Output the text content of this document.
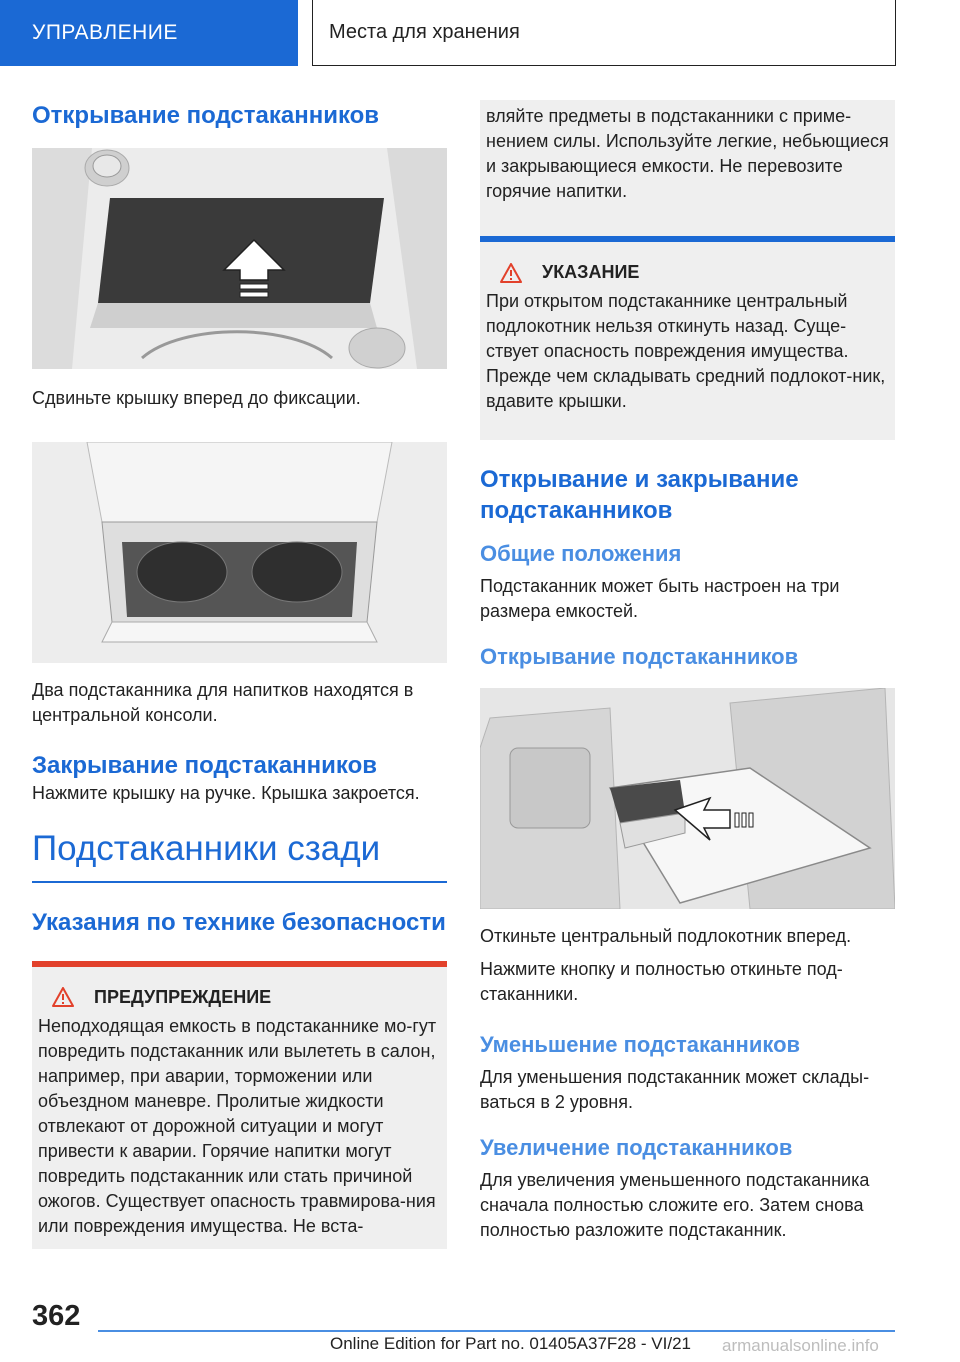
УПРАВЛЕНИЕ	Места для хранения
Открывание подстаканников

Сдвиньте крышку вперед до фиксации.

Два подстаканника для напитков находятся в центральной консоли.

Закрывание подстаканников

Нажмите крышку на ручке. Крышка закроется.

Подстаканники сзади
Указания по технике безопасности
ПРЕДУПРЕЖДЕНИЕ

Неподходящая емкость в подстаканнике мо-гут повредить подстаканник или вылететь в салон, например, при аварии, торможении или объездном маневре. Пролитые жидкости отвлекают от дорожной ситуации и могут привести к аварии. Горячие напитки могут повредить подстаканник или стать причиной ожогов. Существует опасность травмирова-ния или повреждения имущества. Не вста-

вляйте предметы в подстаканники с приме-нением силы. Используйте легкие, небьющиеся и закрывающиеся емкости. Не перевозите горячие напитки.

УКАЗАНИЕ

При открытом подстаканнике центральный подлокотник нельзя откинуть назад. Суще-ствует опасность повреждения имущества. Прежде чем складывать средний подлокот-ник, вдавите крышки.

Открывание и закрывание подстаканников
Общие положения

Подстаканник может быть настроен на три размера емкостей.

Открывание подстаканников

Откиньте центральный подлокотник вперед.

Нажмите кнопку и полностью откиньте под-стаканники.

Уменьшение подстаканников

Для уменьшения подстаканник может склады-ваться в 2 уровня.

Увеличение подстаканников

Для увеличения уменьшенного подстаканника сначала полностью сложите его. Затем снова полностью разложите подстаканник.

362
Online Edition for Part no. 01405A37F28 - VI/21 armanualsonline.info
